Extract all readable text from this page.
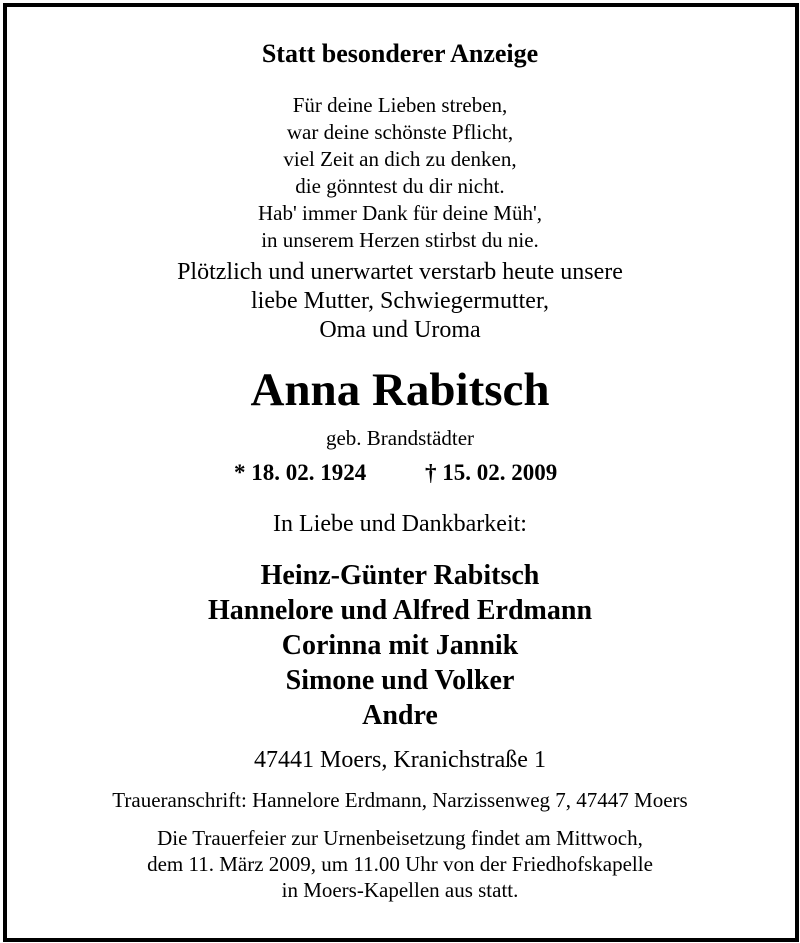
Statt besonderer Anzeige
Für deine Lieben streben,
war deine schönste Pflicht,
viel Zeit an dich zu denken,
die gönntest du dir nicht.
Hab' immer Dank für deine Müh',
in unserem Herzen stirbst du nie.
Plötzlich und unerwartet verstarb heute unsere
liebe Mutter, Schwiegermutter,
Oma und Uroma
Anna Rabitsch
geb. Brandstädter
* 18. 02. 1924	† 15. 02. 2009
In Liebe und Dankbarkeit:
Heinz-Günter Rabitsch
Hannelore und Alfred Erdmann
Corinna mit Jannik
Simone und Volker
Andre
47441 Moers, Kranichstraße 1
Traueranschrift: Hannelore Erdmann, Narzissenweg 7, 47447 Moers
Die Trauerfeier zur Urnenbeisetzung findet am Mittwoch,
dem 11. März 2009, um 11.00 Uhr von der Friedhofskapelle
in Moers-Kapellen aus statt.
